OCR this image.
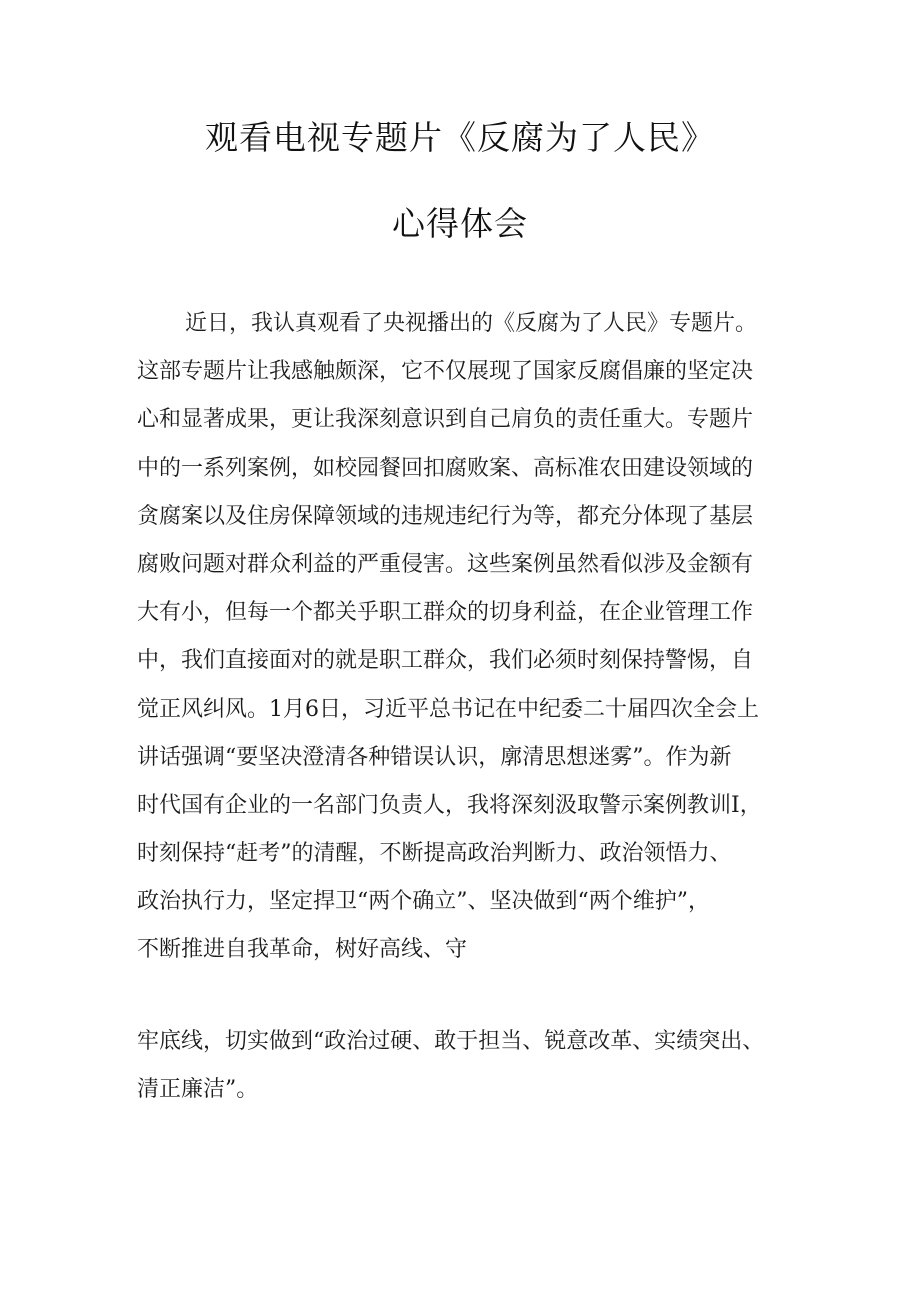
观看电视专题片《反腐为了人民》
心得体会
近日，我认真观看了央视播出的《反腐为了人民》专题片。
这部专题片让我感触颇深，它不仅展现了国家反腐倡廉的坚定决
心和显著成果，更让我深刻意识到自己肩负的责任重大。专题片
中的一系列案例，如校园餐回扣腐败案、高标准农田建设领域的
贪腐案以及住房保障领域的违规违纪行为等，都充分体现了基层
腐败问题对群众利益的严重侵害。这些案例虽然看似涉及金额有
大有小，但每一个都关乎职工群众的切身利益，在企业管理工作
中，我们直接面对的就是职工群众，我们必须时刻保持警惕，自
觉正风纠风。1月6日，习近平总书记在中纪委二十届四次全会上
讲话强调“要坚决澄清各种错误认识，廓清思想迷雾”。作为新
时代国有企业的一名部门负责人，我将深刻汲取警示案例教训I，
时刻保持“赶考”的清醒，不断提高政治判断力、政治领悟力、
政治执行力，坚定捍卫“两个确立”、坚决做到“两个维护”，
不断推进自我革命，树好高线、守
牢底线，切实做到“政治过硬、敢于担当、锐意改革、实绩突出、
清正廉洁”。
